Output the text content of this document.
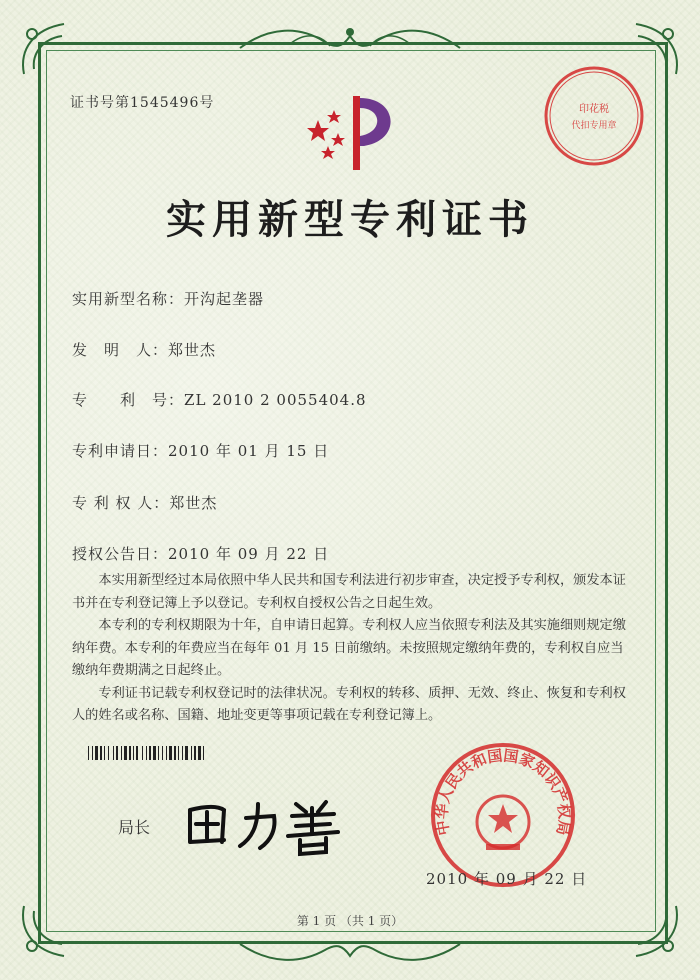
证书号第1545496号	印花税
代扣专用章
实用新型专利证书
实用新型名称：开沟起垄器
发　明　人：郑世杰
专　　利　号：ZL 2010 2 0055404.8
专利申请日：2010 年 01 月 15 日
专 利 权 人：郑世杰
授权公告日：2010 年 09 月 22 日

本实用新型经过本局依照中华人民共和国专利法进行初步审查，决定授予专利权，颁发本证书并在专利登记簿上予以登记。专利权自授权公告之日起生效。

本专利的专利权期限为十年，自申请日起算。专利权人应当依照专利法及其实施细则规定缴纳年费。本专利的年费应当在每年 01 月 15 日前缴纳。未按照规定缴纳年费的，专利权自应当缴纳年费期满之日起终止。

专利证书记载专利权登记时的法律状况。专利权的转移、质押、无效、终止、恢复和专利权人的姓名或名称、国籍、地址变更等事项记载在专利登记簿上。

局长	中华人民共和国国家知识产权局
2010 年 09 月 22 日
第 1 页 （共 1 页）
